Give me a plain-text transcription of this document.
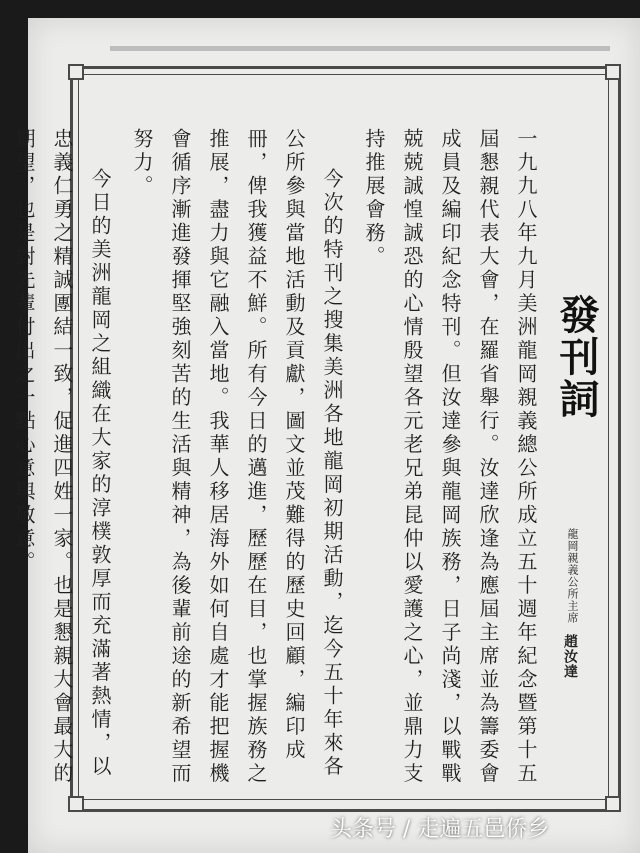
發刊詞
龍岡親義公所主席
趙汝達

一九九八年九月美洲龍岡親義總公所成立五十週年紀念暨第十五屆懇親代表大會，在羅省舉行。汝達欣逢為應屆主席並為籌委會成員及編印紀念特刊。但汝達參與龍岡族務，日子尚淺，以戰戰兢兢誠惶誠恐的心情殷望各元老兄弟昆仲以愛護之心，並鼎力支持推展會務。

今次的特刊之搜集美洲各地龍岡初期活動，迄今五十年來各公所參與當地活動及貢獻，圖文並茂難得的歷史回顧，編印成冊，俾我獲益不鮮。所有今日的邁進，歷歷在目，也掌握族務之推展，盡力與它融入當地。我華人移居海外如何自處才能把握機會循序漸進發揮堅強刻苦的生活與精神，為後輩前途的新希望而努力。

今日的美洲龍岡之組織在大家的淳樸敦厚而充滿著熱情，以忠義仁勇之精誠團結一致，促進四姓一家。也是懇親大會最大的期望，也是對先輩付出之一點心意與敬意。

头条号 / 走遍五邑侨乡
